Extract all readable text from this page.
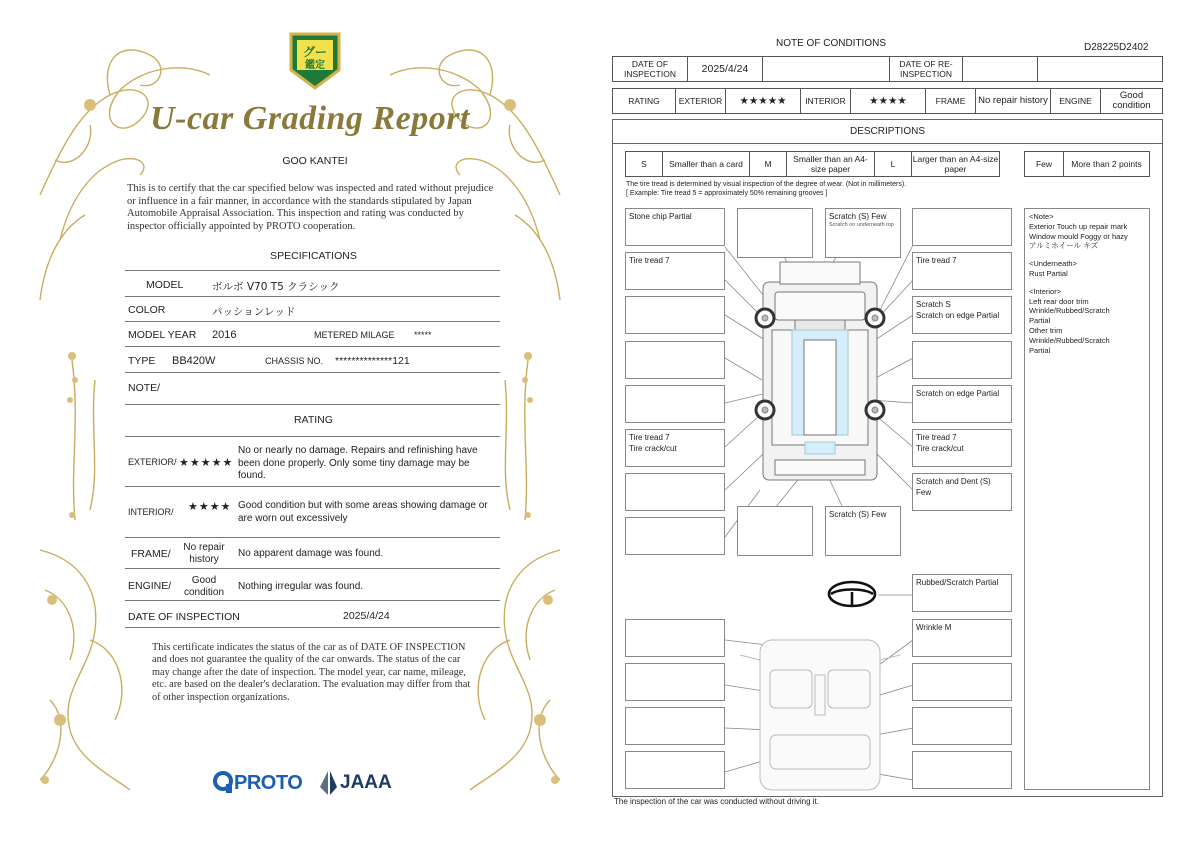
グー
鑑定
U-car Grading Report
GOO KANTEI
This is to certify that the car specified below was inspected and rated without prejudice or influence in a fair manner, in accordance with the standards stipulated by Japan Automobile Appraisal Association. This inspection and rating was conducted by inspector officially appointed by PROTO cooperation.
SPECIFICATIONS
MODEL	ボルボ V70 T5 クラシック
COLOR	パッションレッド
MODEL YEAR 2016	METERED MILAGE *****
TYPE BB420W	CHASSIS NO. **************121
NOTE/
RATING
EXTERIOR/ ★★★★★
No or nearly no damage. Repairs and refinishing have been done properly. Only some tiny damage may be found.
INTERIOR/ ★★★★ Good condition but with some areas showing damage or are worn out excessively
FRAME/
No repair history
No apparent damage was found.
ENGINE/	Good condition
Nothing irregular was found.
DATE OF INSPECTION	2025/4/24
This certificate indicates the status of the car as of DATE OF INSPECTION and does not guarantee the quality of the car onwards. The status of the car may change after the date of inspection. The model year, car name, mileage, etc. are based on the dealer's declaration. The evaluation may differ from that of other inspection organizations.
PROTO JAAA
NOTE OF CONDITIONS	D28225D2402
DATE OF INSPECTION	2025/4/24	DATE OF RE-INSPECTION
RATING	EXTERIOR	★★★★★	INTERIOR	★★★★	FRAME	No repair history	ENGINE	Good condition
DESCRIPTIONS
S	Smaller than a card	M	Smaller than an A4-size paper	L	Larger than an A4-size paper	Few	More than 2 points
The tire tread is determined by visual inspection of the degree of wear. (Not in millimeters).
[ Example: Tire tread 5 = approximately 50% remaining grooves ]
Stone chip Partial	Scratch (S) Few
Scratch on underneath top
Tire tread 7	Tire tread 7
Scratch S
Scratch on edge Partial
Scratch on edge Partial
Tire tread 7
Tire crack/cut
Tire tread 7
Tire crack/cut
Scratch and Dent (S) Few
Scratch (S) Few
Rubbed/Scratch Partial
Wrinkle M
<Note>
Exterior Touch up repair mark
Window mould Foggy or hazy
アルミホイール キズ
<Underneath>
Rust Partial
<Interior>
Left rear door trim
Wrinkle/Rubbed/Scratch
Partial
Other trim
Wrinkle/Rubbed/Scratch
Partial
The inspection of the car was conducted without driving it.
